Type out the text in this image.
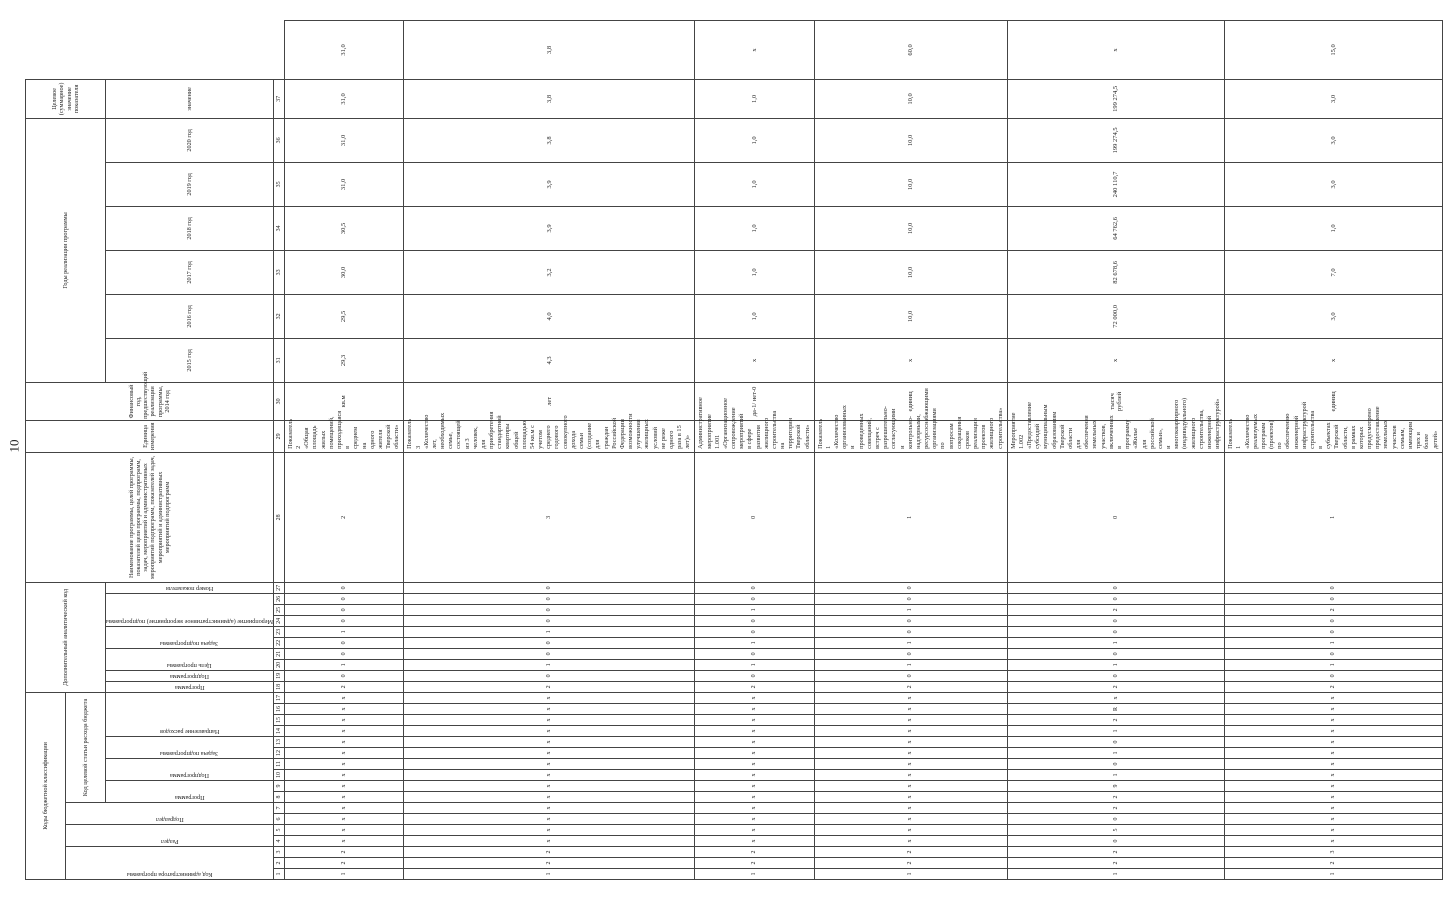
10
Коды бюджетной классификации																	Дополнительный аналитический код										Наименование программы, целей программы, показателей цели программы, подпрограмм, задач, мероприятий и административных мероприятий подпрограмм, показателей задач, мероприятий и административных мероприятий подпрограмм	Единица измерения	Финансовый год, предшествующий реализации программы, 2014 год	Годы реализации программы						Целевое (суммарное) значение показателя	

Код администратора программы			Раздел		Подраздел		Код целевой статьи расхода бюджета																														

							Программа		Подпрограмма		Задача подпрограммы		Направление расходов				Программа	Подпрограмма	Цель программы		Задача подпрограммы		Мероприятие (административное мероприятие) подпрограммы			Номер показателя				2015 год	2016 год	2017 год	2018 год	2019 год	2020 год	значение	

1	2	3	4	5	6	7	8	9	10	11	12	13	14	15	16	17	18	19	20	21	22	23	24	25	26	27	28	29	30	31	32	33	34	35	36	37	
1	2	2	x	x	x	x	x	x	x	x	x	x	x	x	x	x	2	0	1	0	0	1	0	0	0	0	2	Показатель 2 «Общая площадь жилых помещений, приходящаяся в среднем на одного жителя Тверской области»	кв.м	29,3	29,5	30,0	30,5	31,0	31,0	31,0	31,0
1	2	2	x	x	x	x	x	x	x	x	x	x	x	x	x	x	2	0	1	0	0	1	0	0	0	0	3	Показатель 3 «Количество лет, необходимых семье, состоящей из 3 человек, для приобретения стандартной квартиры общей площадью 54 кв.м с учетом среднего годового совокупного дохода семьи (создание для граждан Российской Федерации возможности улучшения жилищных условий не реже одного раза в 15 лет)»	лет	4,3	4,0	3,2	3,9	3,9	3,8	3,8	3,8
1	2	2	x	x	x	x	x	x	x	x	x	x	x	x	x	x	2	0	1	0	1	0	0	1	0	0	0	Административное мероприятие 1.001 «Организационное сопровождение мероприятий в сфере развития жилищного строительства на территории Тверской области»	да-1/ нет-0	x	1,0	1,0	1,0	1,0	1,0	1,0	x
1	2	2	x	x	x	x	x	x	x	x	x	x	x	x	x	x	2	0	1	0	1	0	0	1	0	0	1	Показатель 1 «Количество организованных и проведенных совещаний, встреч с разрешительно-согласующими и контрольно-надзорными, ресурсоснабжающими организациями по вопросам сокращения сроков реализации проектов жилищного строительства»	единиц	x	10,0	10,0	10,0	10,0	10,0	10,0	60,0
1	2	2	0	5	0	2	2	9	1	0	1	0	1	2	R	x	2	0	1	0	1	0	0	2	0	0	0	Мероприятие 1.002 «Предоставление субсидий муниципальным образованиям Тверской области для обеспечения земельных участков, включенных в программу «Жилье для российской семьи», и многоквартирного (индивидуального) жилищного строительства, инженерной инфраструктурой»	тысяч рублей	x	72 000,0	82 678,6	64 762,6	240 110,7	199 274,5	199 274,5	x
1	2	3	x	x	x	x	x	x	x	x	x	x	x	x	x	x	2	0	1	0	1	0	0	2	0	0	1	Показатель 1 «Количество реализуемых программ (проектов) по обеспечению инженерной инфраструктурой строительства в субъектах Тверской области, в рамках которых предусмотрено предоставление земельных участков семьям, имеющим трех и более детей»	единиц	x	3,0	7,0	1,0	3,0	3,0	3,0	15,0
